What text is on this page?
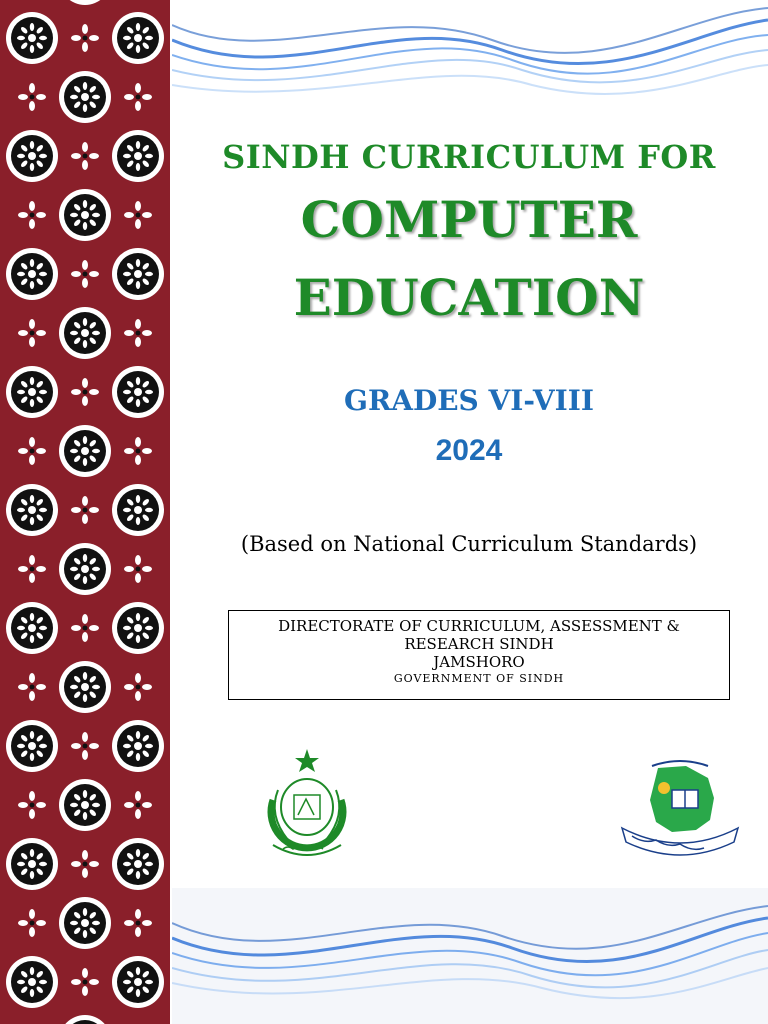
SINDH CURRICULUM FOR
COMPUTER
EDUCATION
GRADES VI-VIII
2024
(Based on National Curriculum Standards)
DIRECTORATE OF CURRICULUM, ASSESSMENT &
RESEARCH SINDH
JAMSHORO
GOVERNMENT OF SINDH
